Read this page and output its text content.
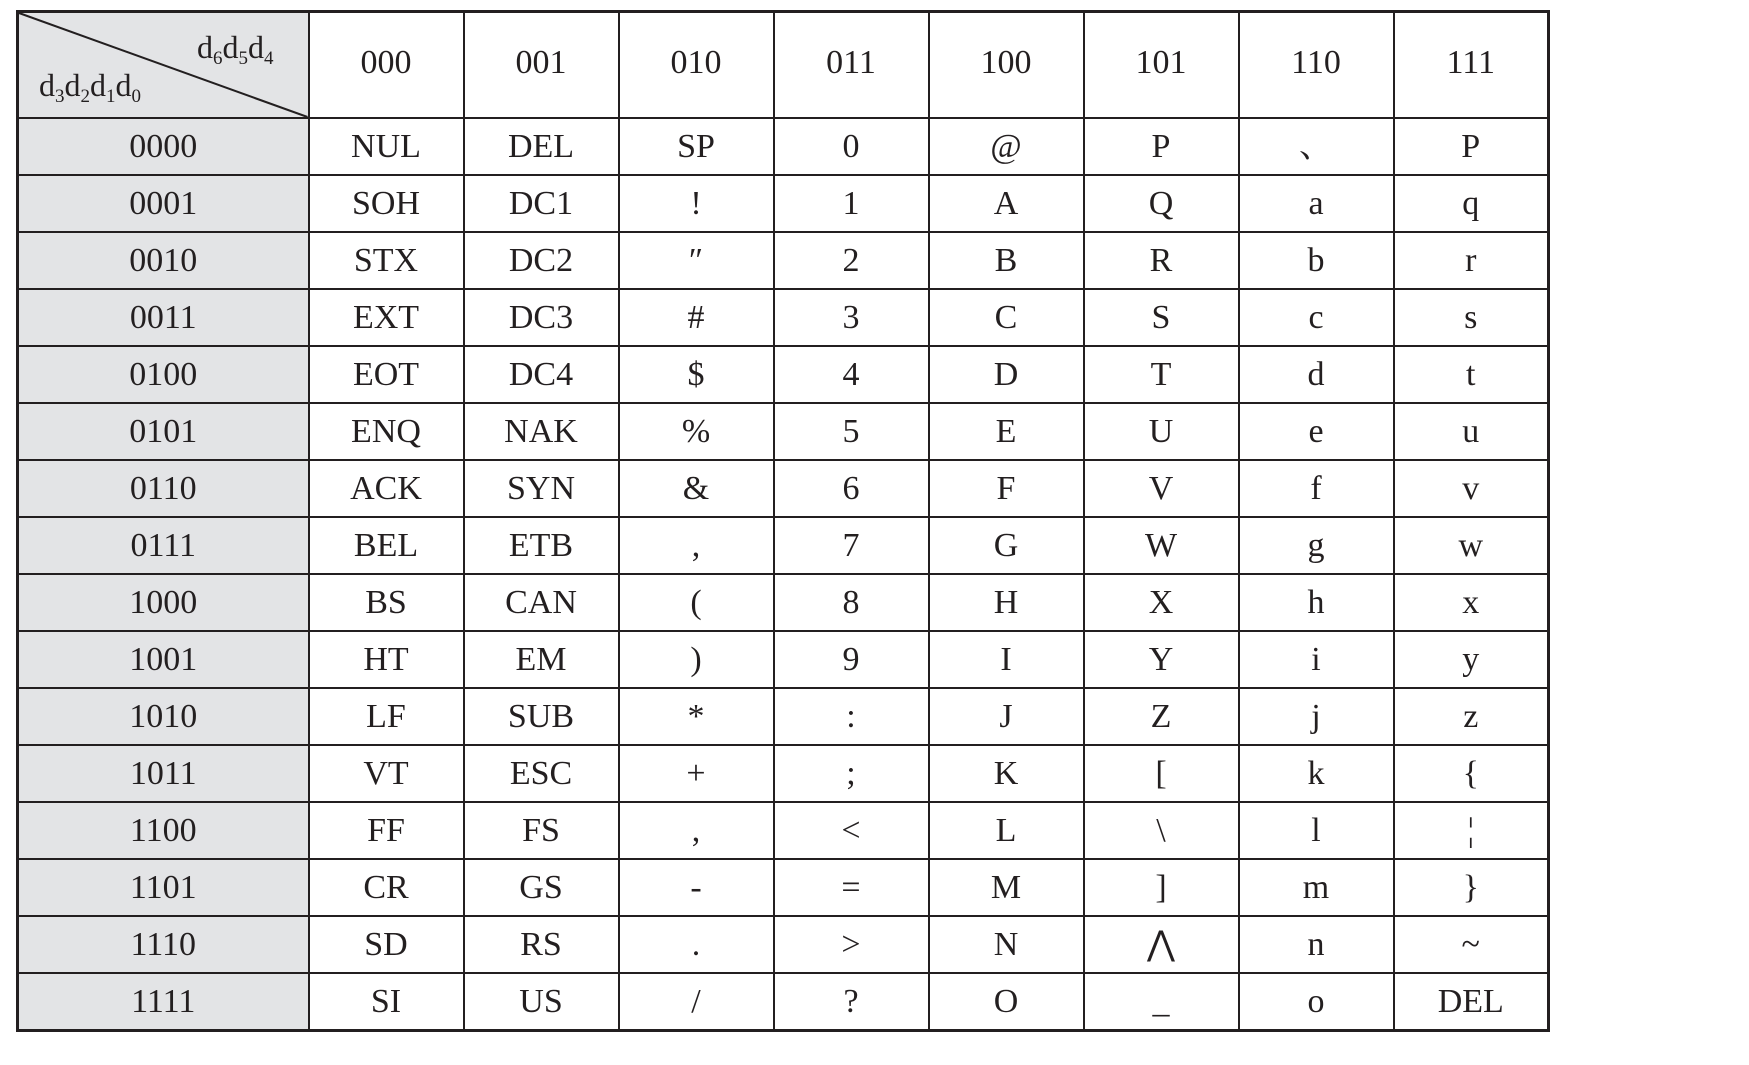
$d_6d_5d_4$
$d_3d_2d_1d_0$	000	001	010	011	100	101	110	111
0000	NUL	DEL	SP	0	@	P	、	P
0001	SOH	DC1	!	1	A	Q	a	q
0010	STX	DC2	″	2	B	R	b	r
0011	EXT	DC3	#	3	C	S	c	s
0100	EOT	DC4	$	4	D	T	d	t
0101	ENQ	NAK	%	5	E	U	e	u
0110	ACK	SYN	&	6	F	V	f	v
0111	BEL	ETB	,	7	G	W	g	w
1000	BS	CAN	(	8	H	X	h	x
1001	HT	EM	)	9	I	Y	i	y
1010	LF	SUB	*	:	J	Z	j	z
1011	VT	ESC	+	;	K	[	k	{
1100	FF	FS	,	<	L	\	l	¦
1101	CR	GS	-	=	M	]	m	}
1110	SD	RS	.	>	N	⋀	n	~
1111	SI	US	/	?	O	_	o	DEL
